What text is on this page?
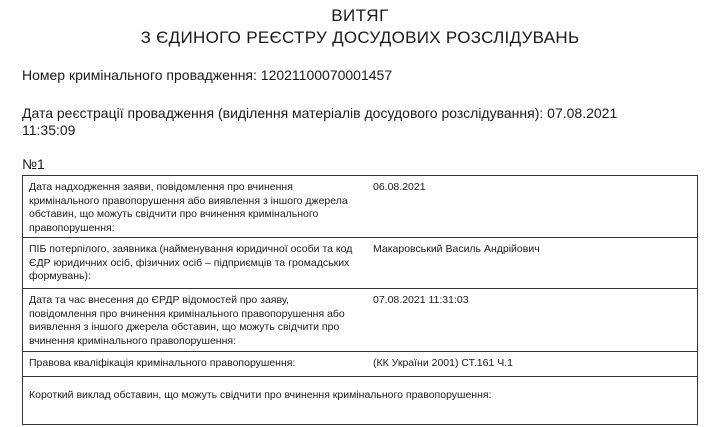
ВИТЯГ
З ЄДИНОГО РЕЄСТРУ ДОСУДОВИХ РОЗСЛІДУВАНЬ
Номер кримінального провадження: 12021100070001457
Дата реєстрації провадження (виділення матеріалів досудового розслідування): 07.08.2021
11:35:09
№1
Дата надходження заяви, повідомлення про вчинення кримінального правопорушення або виявлення з іншого джерела обставин, що можуть свідчити про вчинення кримінального правопорушення:
06.08.2021
ПІБ потерпілого, заявника (найменування юридичної особи та код ЄДР юридичних осіб, фізичних осіб – підприємців та громадських формувань):
Макаровський Василь Андрійович
Дата та час внесення до ЄРДР відомостей про заяву, повідомлення про вчинення кримінального правопорушення або виявлення з іншого джерела обставин, що можуть свідчити про вчинення кримінального правопорушення:
07.08.2021 11:31:03
Правова кваліфікація кримінального правопорушення:	(КК України 2001) СТ.161 Ч.1
Короткий виклад обставин, що можуть свідчити про вчинення кримінального правопорушення:
